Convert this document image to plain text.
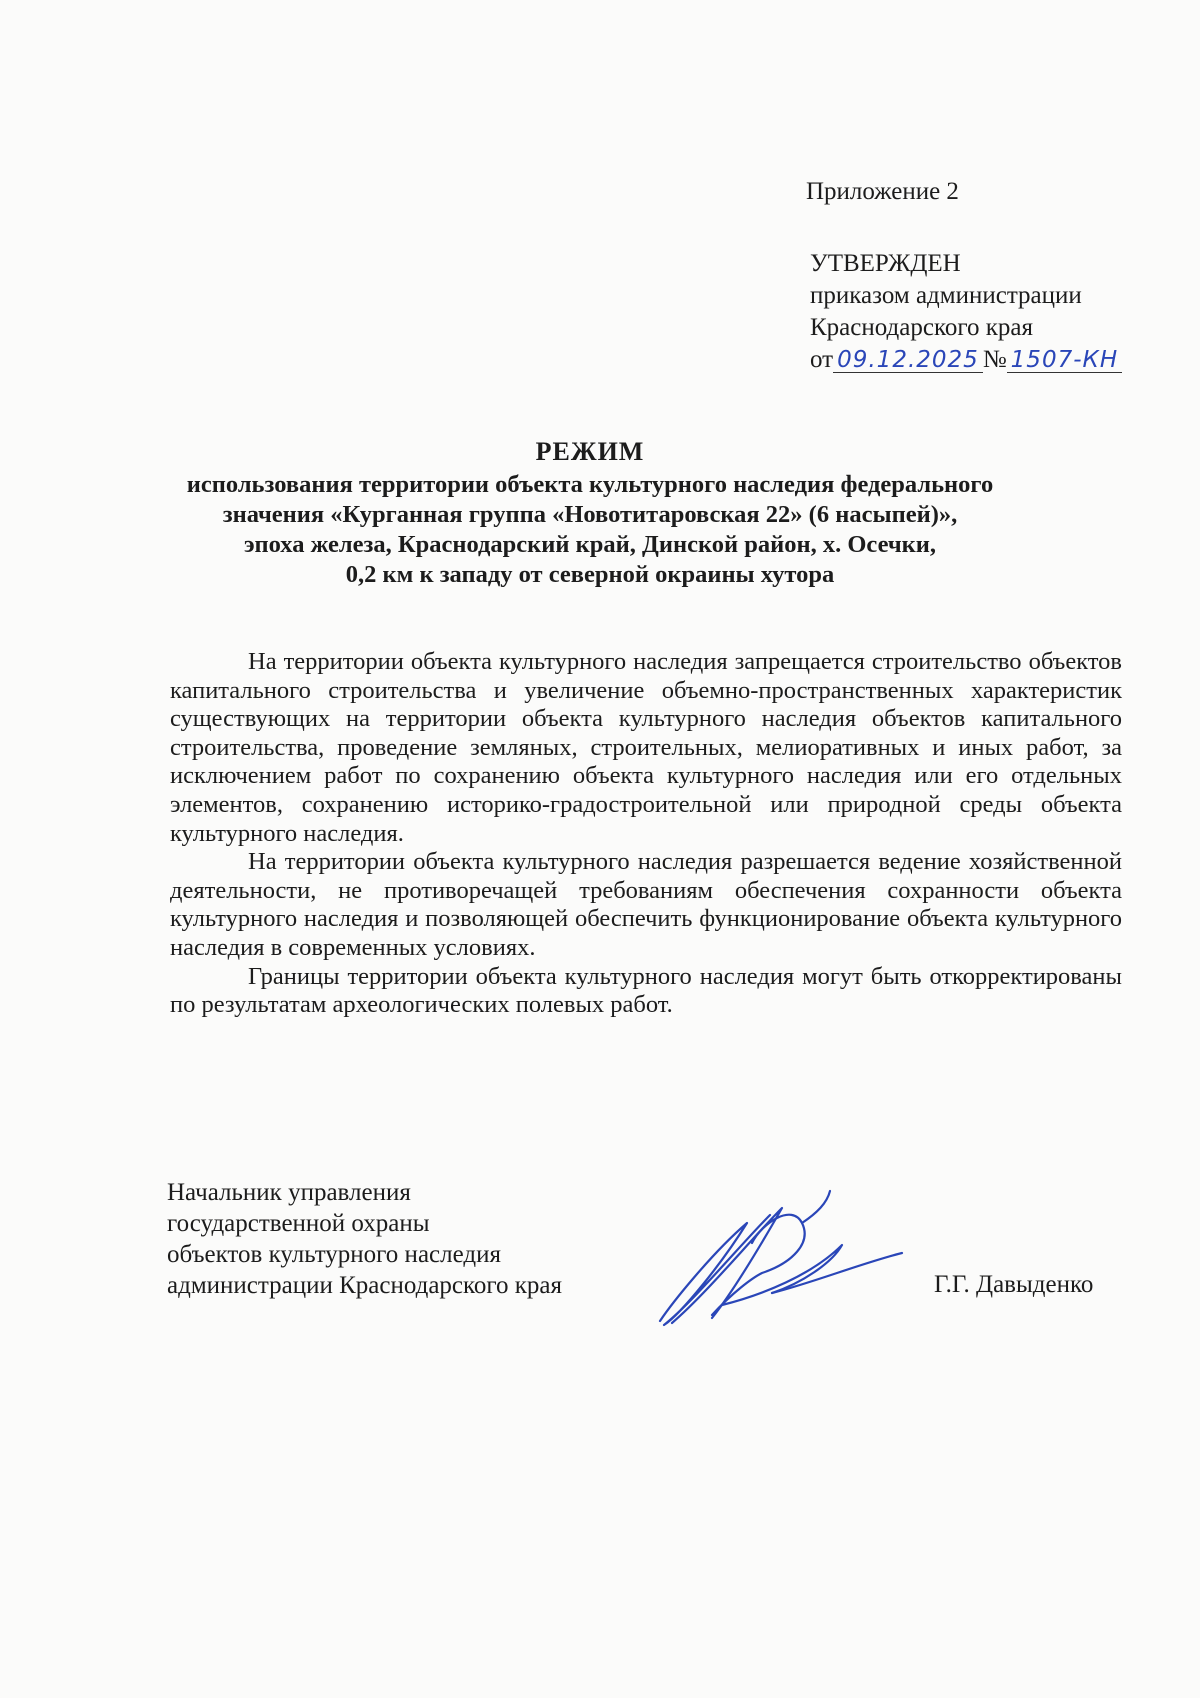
Приложение 2
УТВЕРЖДЕН
приказом администрации
Краснодарского края
от 09.12.2025 № 1507-КН
РЕЖИМ
использования территории объекта культурного наследия федерального
значения «Курганная группа «Новотитаровская 22» (6 насыпей)»,
эпоха железа, Краснодарский край, Динской район, х. Осечки,
0,2 км к западу от северной окраины хутора

На территории объекта культурного наследия запрещается строительство объектов капитального строительства и увеличение объемно-пространственных характеристик существующих на территории объекта культурного наследия объектов капитального строительства, проведение земляных, строительных, мелиоративных и иных работ, за исключением работ по сохранению объекта культурного наследия или его отдельных элементов, сохранению историко-градостроительной или природной среды объекта культурного наследия.

На территории объекта культурного наследия разрешается ведение хозяйственной деятельности, не противоречащей требованиям обеспечения сохранности объекта культурного наследия и позволяющей обеспечить функционирование объекта культурного наследия в современных условиях.

Границы территории объекта культурного наследия могут быть откорректированы по результатам археологических полевых работ.

Начальник управления
государственной охраны
объектов культурного наследия
администрации Краснодарского края	Г.Г. Давыденко
